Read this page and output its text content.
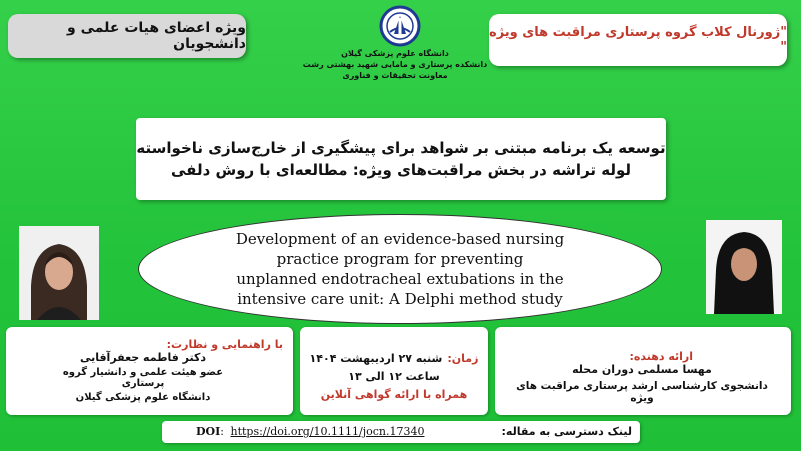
ویژه اعضای هیات علمی و دانشجویان
"ژورنال کلاب گروه پرستاری مراقبت های ویژه "
دانشگاه علوم پزشکی گیلان
دانشکده پرستاری و مامایی شهید بهشتی رشت
معاونت تحقیقات و فناوری
توسعه یک برنامه مبتنی بر شواهد برای پیشگیری از خارج‌سازی ناخواسته
لوله تراشه در بخش مراقبت‌های ویژه: مطالعه‌ای با روش دلفی
Development of an evidence-based nursing practice program for preventing unplanned endotracheal extubations in the intensive care unit: A Delphi method study
با راهنمایی و نظارت:
دکتر فاطمه جعفرآقایی
عضو هیئت علمی و دانشیار گروه پرستاری
دانشگاه علوم پزشکی گیلان
زمان: شنبه ۲۷ اردیبهشت ۱۴۰۴
ساعت ۱۲ الی ۱۳
همراه با ارائه گواهی آنلاین
ارائه دهنده:
مهسا مسلمی دوران محله
دانشجوی کارشناسی ارشد پرستاری مراقبت های ویژه
لینک دسترسی به مقاله:
DOI: https://doi.org/10.1111/jocn.17340
